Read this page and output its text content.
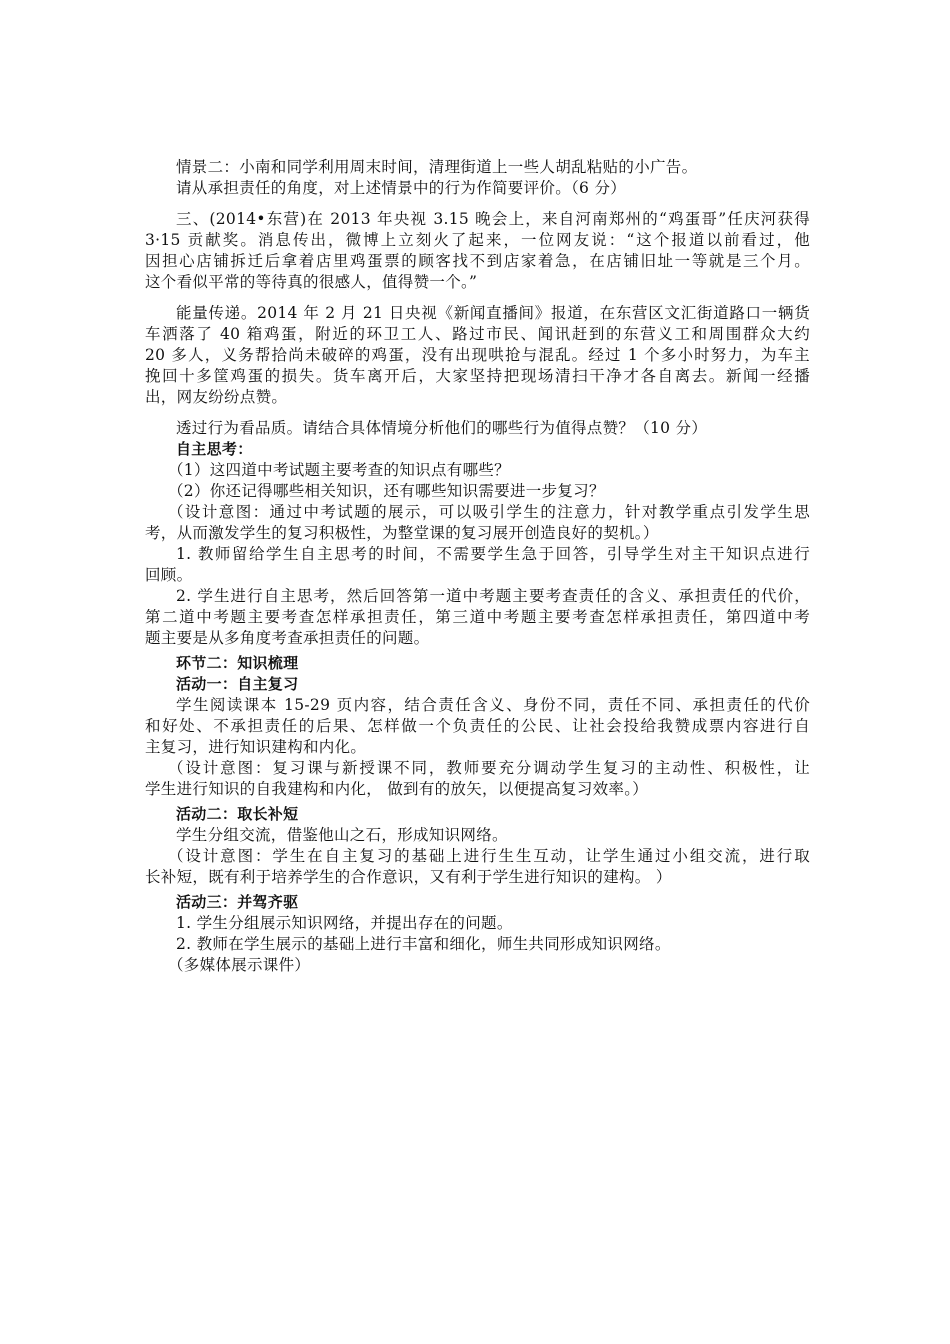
情景二：小南和同学利用周末时间，清理街道上一些人胡乱粘贴的小广告。
请从承担责任的角度，对上述情景中的行为作简要评价。（6 分）
三、(2014•东营)在 2013 年央视 3.15 晚会上，来自河南郑州的“鸡蛋哥”任庆河获得
3·15 贡献奖。消息传出，微博上立刻火了起来，一位网友说：“这个报道以前看过，他
因担心店铺拆迁后拿着店里鸡蛋票的顾客找不到店家着急，在店铺旧址一等就是三个月。
这个看似平常的等待真的很感人，值得赞一个。”
能量传递。2014 年 2 月 21 日央视《新闻直播间》报道，在东营区文汇街道路口一辆货
车洒落了 40 箱鸡蛋，附近的环卫工人、路过市民、闻讯赶到的东营义工和周围群众大约
20 多人，义务帮拾尚未破碎的鸡蛋，没有出现哄抢与混乱。经过 1 个多小时努力，为车主
挽回十多筐鸡蛋的损失。货车离开后，大家坚持把现场清扫干净才各自离去。新闻一经播
出，网友纷纷点赞。
透过行为看品质。请结合具体情境分析他们的哪些行为值得点赞？（10 分）
自主思考：
（1）这四道中考试题主要考查的知识点有哪些？
（2）你还记得哪些相关知识，还有哪些知识需要进一步复习？
（设计意图：通过中考试题的展示，可以吸引学生的注意力，针对教学重点引发学生思
考，从而激发学生的复习积极性，为整堂课的复习展开创造良好的契机。）
1. 教师留给学生自主思考的时间，不需要学生急于回答，引导学生对主干知识点进行
回顾。
2. 学生进行自主思考，然后回答第一道中考题主要考查责任的含义、承担责任的代价，
第二道中考题主要考查怎样承担责任，第三道中考题主要考查怎样承担责任，第四道中考
题主要是从多角度考查承担责任的问题。
环节二：知识梳理
活动一：自主复习
学生阅读课本 15-29 页内容，结合责任含义、身份不同，责任不同、承担责任的代价
和好处、不承担责任的后果、怎样做一个负责任的公民、让社会投给我赞成票内容进行自
主复习，进行知识建构和内化。
（设计意图：复习课与新授课不同，教师要充分调动学生复习的主动性、积极性，让
学生进行知识的自我建构和内化， 做到有的放矢，以便提高复习效率。）
活动二：取长补短
学生分组交流，借鉴他山之石，形成知识网络。
（设计意图：学生在自主复习的基础上进行生生互动，让学生通过小组交流，进行取
长补短，既有利于培养学生的合作意识，又有利于学生进行知识的建构。 ）
活动三：并驾齐驱
1. 学生分组展示知识网络，并提出存在的问题。
2. 教师在学生展示的基础上进行丰富和细化，师生共同形成知识网络。
（多媒体展示课件）
